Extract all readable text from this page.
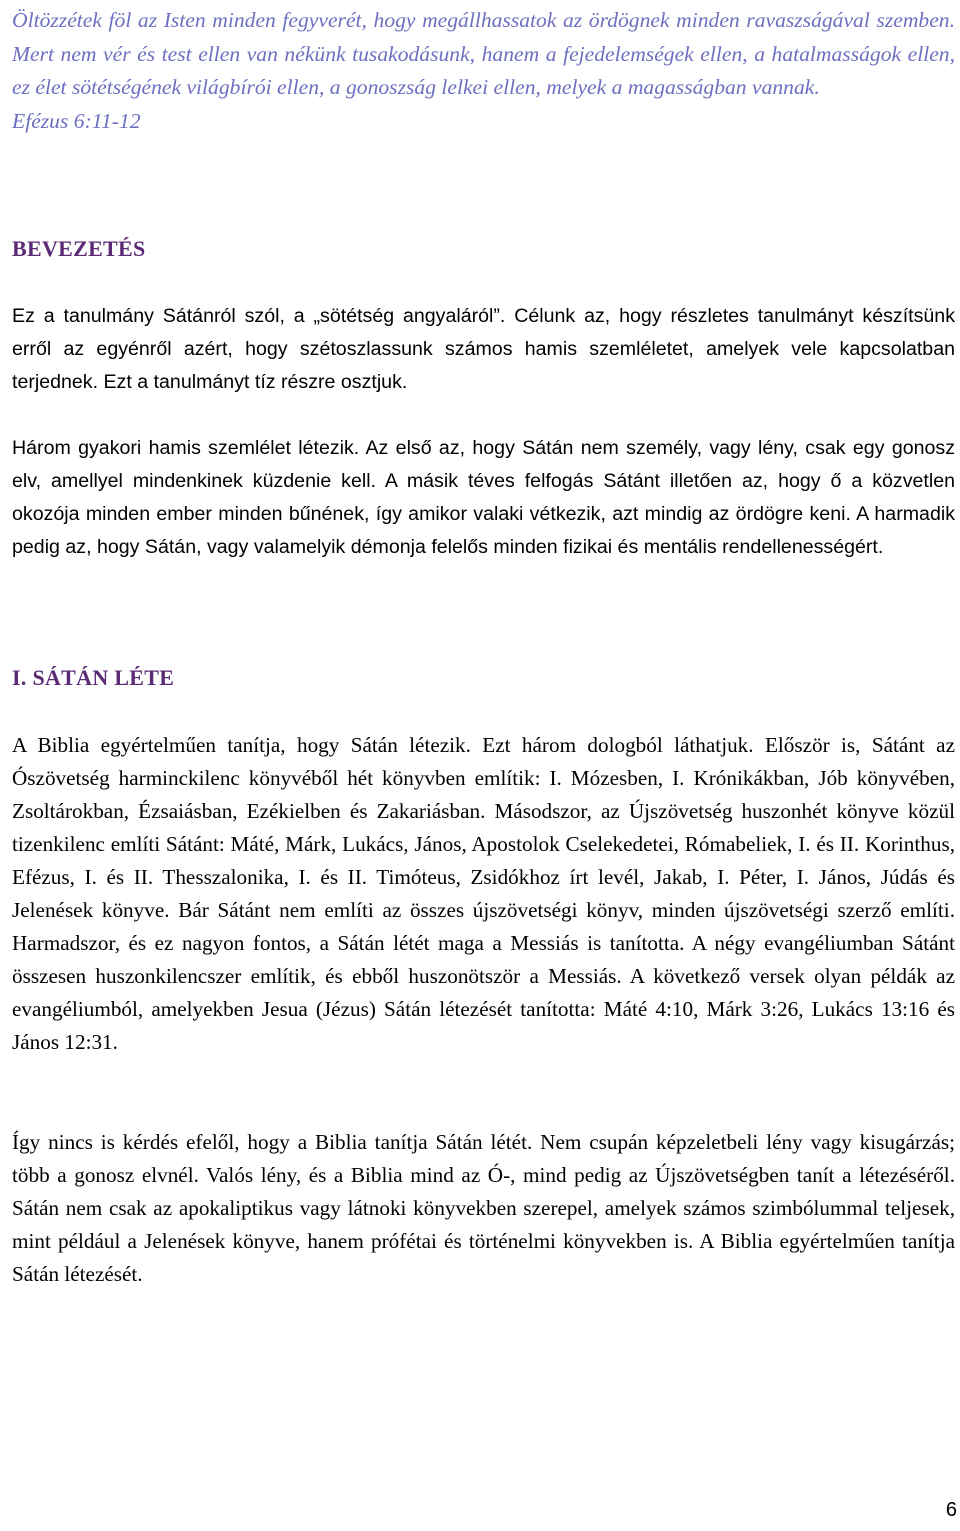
Öltözzétek föl az Isten minden fegyverét, hogy megállhassatok az ördögnek minden ravaszságával szemben. Mert nem vér és test ellen van nékünk tusakodásunk, hanem a fejedelemségek ellen, a hatalmasságok ellen, ez élet sötétségének világbírói ellen, a gonoszság lelkei ellen, melyek a magasságban vannak.
Efézus 6:11-12
BEVEZETÉS

Ez a tanulmány Sátánról szól, a „sötétség angyaláról”. Célunk az, hogy részletes tanulmányt készítsünk erről az egyénről azért, hogy szétoszlassunk számos hamis szemléletet, amelyek vele kapcsolatban terjednek. Ezt a tanulmányt tíz részre osztjuk.

Három gyakori hamis szemlélet létezik. Az első az, hogy Sátán nem személy, vagy lény, csak egy gonosz elv, amellyel mindenkinek küzdenie kell. A másik téves felfogás Sátánt illetően az, hogy ő a közvetlen okozója minden ember minden bűnének, így amikor valaki vétkezik, azt mindig az ördögre keni. A harmadik pedig az, hogy Sátán, vagy valamelyik démonja felelős minden fizikai és mentális rendellenességért.

I. SÁTÁN LÉTE

A Biblia egyértelműen tanítja, hogy Sátán létezik. Ezt három dologból láthatjuk. Először is, Sátánt az Ószövetség harminckilenc könyvéből hét könyvben említik: I. Mózesben, I. Krónikákban, Jób könyvében, Zsoltárokban, Ézsaiásban, Ezékielben és Zakariásban. Másodszor, az Újszövetség huszonhét könyve közül tizenkilenc említi Sátánt: Máté, Márk, Lukács, János, Apostolok Cselekedetei, Rómabeliek, I. és II. Korinthus, Efézus, I. és II. Thesszalonika, I. és II. Timóteus, Zsidókhoz írt levél, Jakab, I. Péter, I. János, Júdás és Jelenések könyve. Bár Sátánt nem említi az összes újszövetségi könyv, minden újszövetségi szerző említi. Harmadszor, és ez nagyon fontos, a Sátán létét maga a Messiás is tanította. A négy evangéliumban Sátánt összesen huszonkilencszer említik, és ebből huszonötször a Messiás. A következő versek olyan példák az evangéliumból, amelyekben Jesua (Jézus) Sátán létezését tanította: Máté 4:10, Márk 3:26, Lukács 13:16 és János 12:31.

Így nincs is kérdés efelől, hogy a Biblia tanítja Sátán létét. Nem csupán képzeletbeli lény vagy kisugárzás; több a gonosz elvnél. Valós lény, és a Biblia mind az Ó-, mind pedig az Újszövetségben tanít a létezéséről. Sátán nem csak az apokaliptikus vagy látnoki könyvekben szerepel, amelyek számos szimbólummal teljesek, mint például a Jelenések könyve, hanem prófétai és történelmi könyvekben is. A Biblia egyértelműen tanítja Sátán létezését.

6
